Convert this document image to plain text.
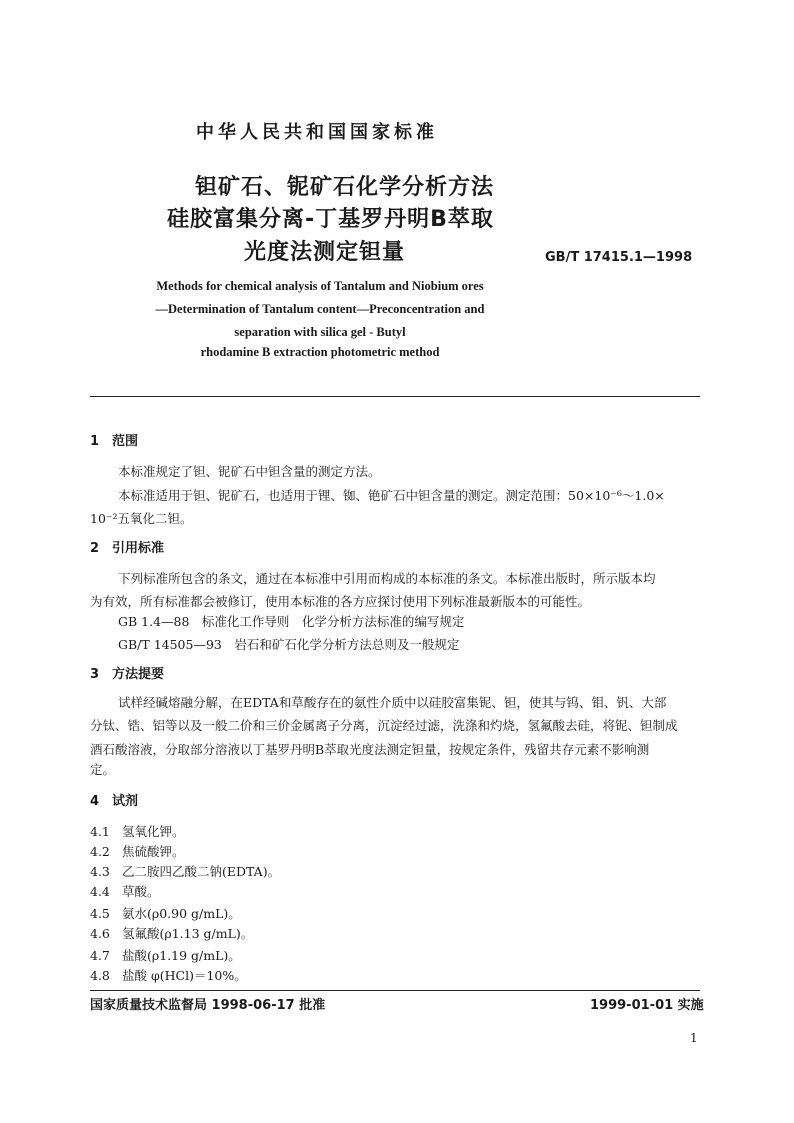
中华人民共和国国家标准
钽矿石、铌矿石化学分析方法
硅胶富集分离-丁基罗丹明B萃取
光度法测定钽量	GB/T 17415.1—1998
Methods for chemical analysis of Tantalum and Niobium ores
—Determination of Tantalum content—Preconcentration and
separation with silica gel - Butyl
rhodamine B extraction photometric method
1 范围
本标准规定了钽、铌矿石中钽含量的测定方法。
本标准适用于钽、铌矿石，也适用于锂、铷、铯矿石中钽含量的测定。测定范围：50×10⁻⁶～1.0×
10⁻²五氧化二钽。
2 引用标准
下列标准所包含的条文，通过在本标准中引用而构成的本标准的条文。本标准出版时，所示版本均
为有效，所有标准都会被修订，使用本标准的各方应探讨使用下列标准最新版本的可能性。
GB 1.4—88　标准化工作导则　化学分析方法标准的编写规定
GB/T 14505—93　岩石和矿石化学分析方法总则及一般规定
3 方法提要
试样经碱熔融分解，在EDTA和草酸存在的氨性介质中以硅胶富集铌、钽，使其与钨、钼、钒、大部
分钛、锆、铝等以及一般二价和三价金属离子分离，沉淀经过滤，洗涤和灼烧，氢氟酸去硅，将铌、钽制成
酒石酸溶液，分取部分溶液以丁基罗丹明B萃取光度法测定钽量，按规定条件，残留共存元素不影响测
定。
4 试剂
4.1 氢氧化钾。
4.2 焦硫酸钾。
4.3 乙二胺四乙酸二钠(EDTA)。
4.4 草酸。
4.5 氨水(ρ0.90 g/mL)。
4.6 氢氟酸(ρ1.13 g/mL)。
4.7 盐酸(ρ1.19 g/mL)。
4.8 盐酸 φ(HCl)＝10%。
国家质量技术监督局 1998-06-17 批准	1999-01-01 实施
1
